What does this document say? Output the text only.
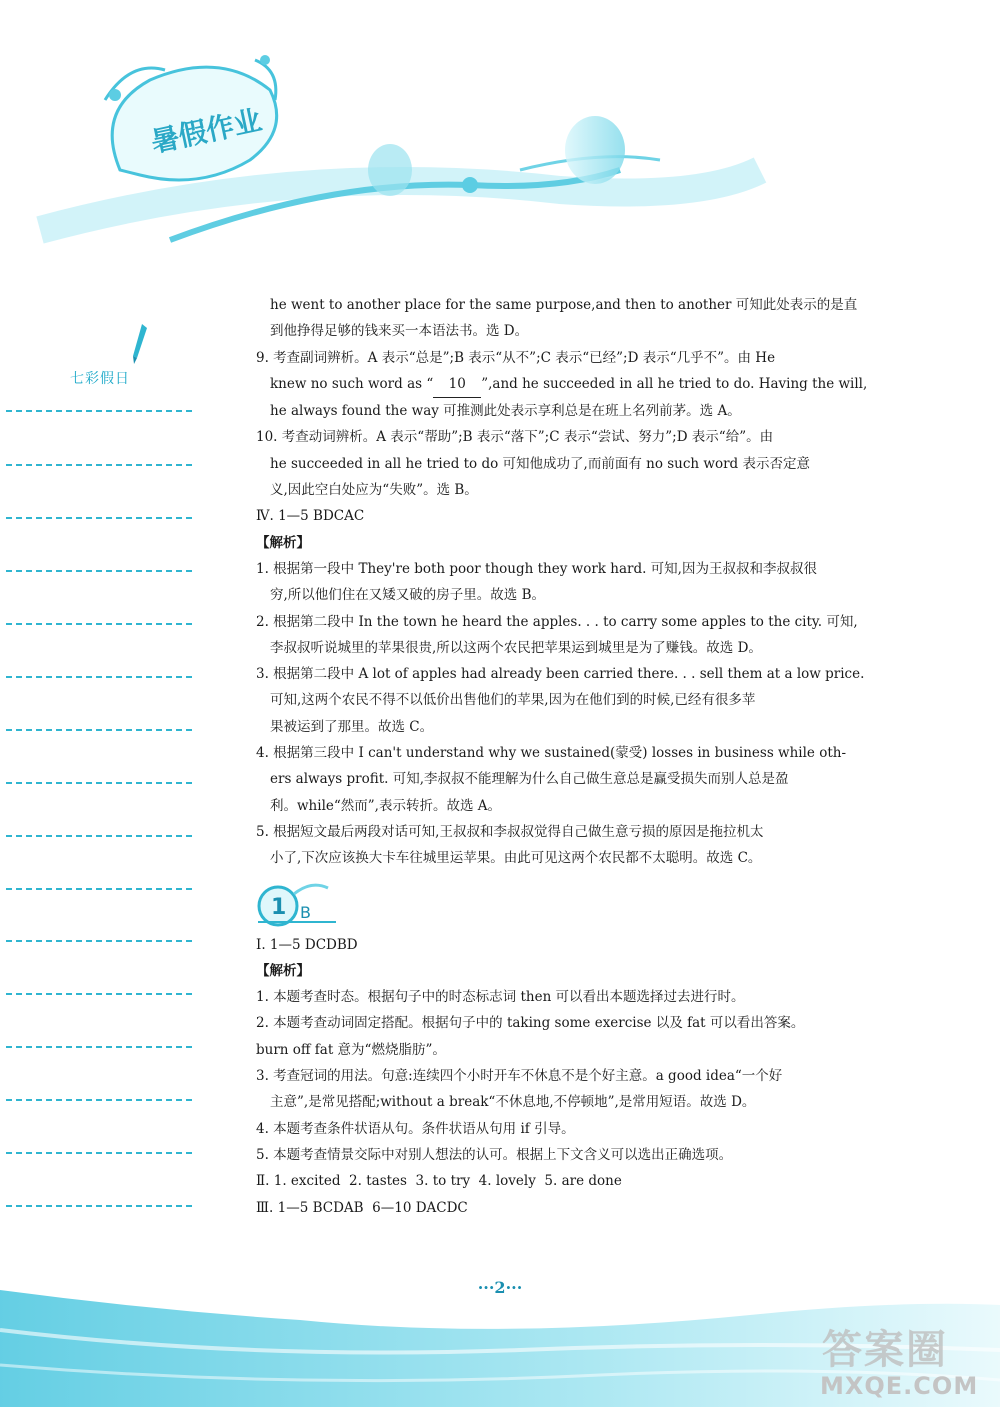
暑假作业
七彩假日

he went to another place for the same purpose,and then to another 可知此处表示的是直

到他挣得足够的钱来买一本语法书。选 D。

9. 考查副词辨析。A 表示“总是”;B 表示“从不”;C 表示“已经”;D 表示“几乎不”。由 He

knew no such word as “ 10 ”,and he succeeded in all he tried to do. Having the will,

he always found the way 可推测此处表示享利总是在班上名列前茅。选 A。

10. 考查动词辨析。A 表示“帮助”;B 表示“落下”;C 表示“尝试、努力”;D 表示“给”。由

he succeeded in all he tried to do 可知他成功了,而前面有 no such word 表示否定意

义,因此空白处应为“失败”。选 B。

Ⅳ. 1—5 BDCAC

【解析】

1. 根据第一段中 They're both poor though they work hard. 可知,因为王叔叔和李叔叔很

穷,所以他们住在又矮又破的房子里。故选 B。

2. 根据第二段中 In the town he heard the apples. . . to carry some apples to the city. 可知,

李叔叔听说城里的苹果很贵,所以这两个农民把苹果运到城里是为了赚钱。故选 D。

3. 根据第二段中 A lot of apples had already been carried there. . . sell them at a low price.

可知,这两个农民不得不以低价出售他们的苹果,因为在他们到的时候,已经有很多苹

果被运到了那里。故选 C。

4. 根据第三段中 I can't understand why we sustained(蒙受) losses in business while oth-

ers always profit. 可知,李叔叔不能理解为什么自己做生意总是赢受损失而别人总是盈

利。while“然而”,表示转折。故选 A。

5. 根据短文最后两段对话可知,王叔叔和李叔叔觉得自己做生意亏损的原因是拖拉机太

小了,下次应该换大卡车往城里运苹果。由此可见这两个农民都不太聪明。故选 C。

1 B

Ⅰ. 1—5 DCDBD

【解析】

1. 本题考查时态。根据句子中的时态标志词 then 可以看出本题选择过去进行时。

2. 本题考查动词固定搭配。根据句子中的 taking some exercise 以及 fat 可以看出答案。

burn off fat 意为“燃烧脂肪”。

3. 考查冠词的用法。句意:连续四个小时开车不休息不是个好主意。a good idea“一个好

主意”,是常见搭配;without a break“不休息地,不停顿地”,是常用短语。故选 D。

4. 本题考查条件状语从句。条件状语从句用 if 引导。

5. 本题考查情景交际中对别人想法的认可。根据上下文含义可以选出正确选项。

Ⅱ. 1. excited  2. tastes  3. to try  4. lovely  5. are done

Ⅲ. 1—5 BCDAB  6—10 DACDC

···2···
答案圈
MXQE.COM
